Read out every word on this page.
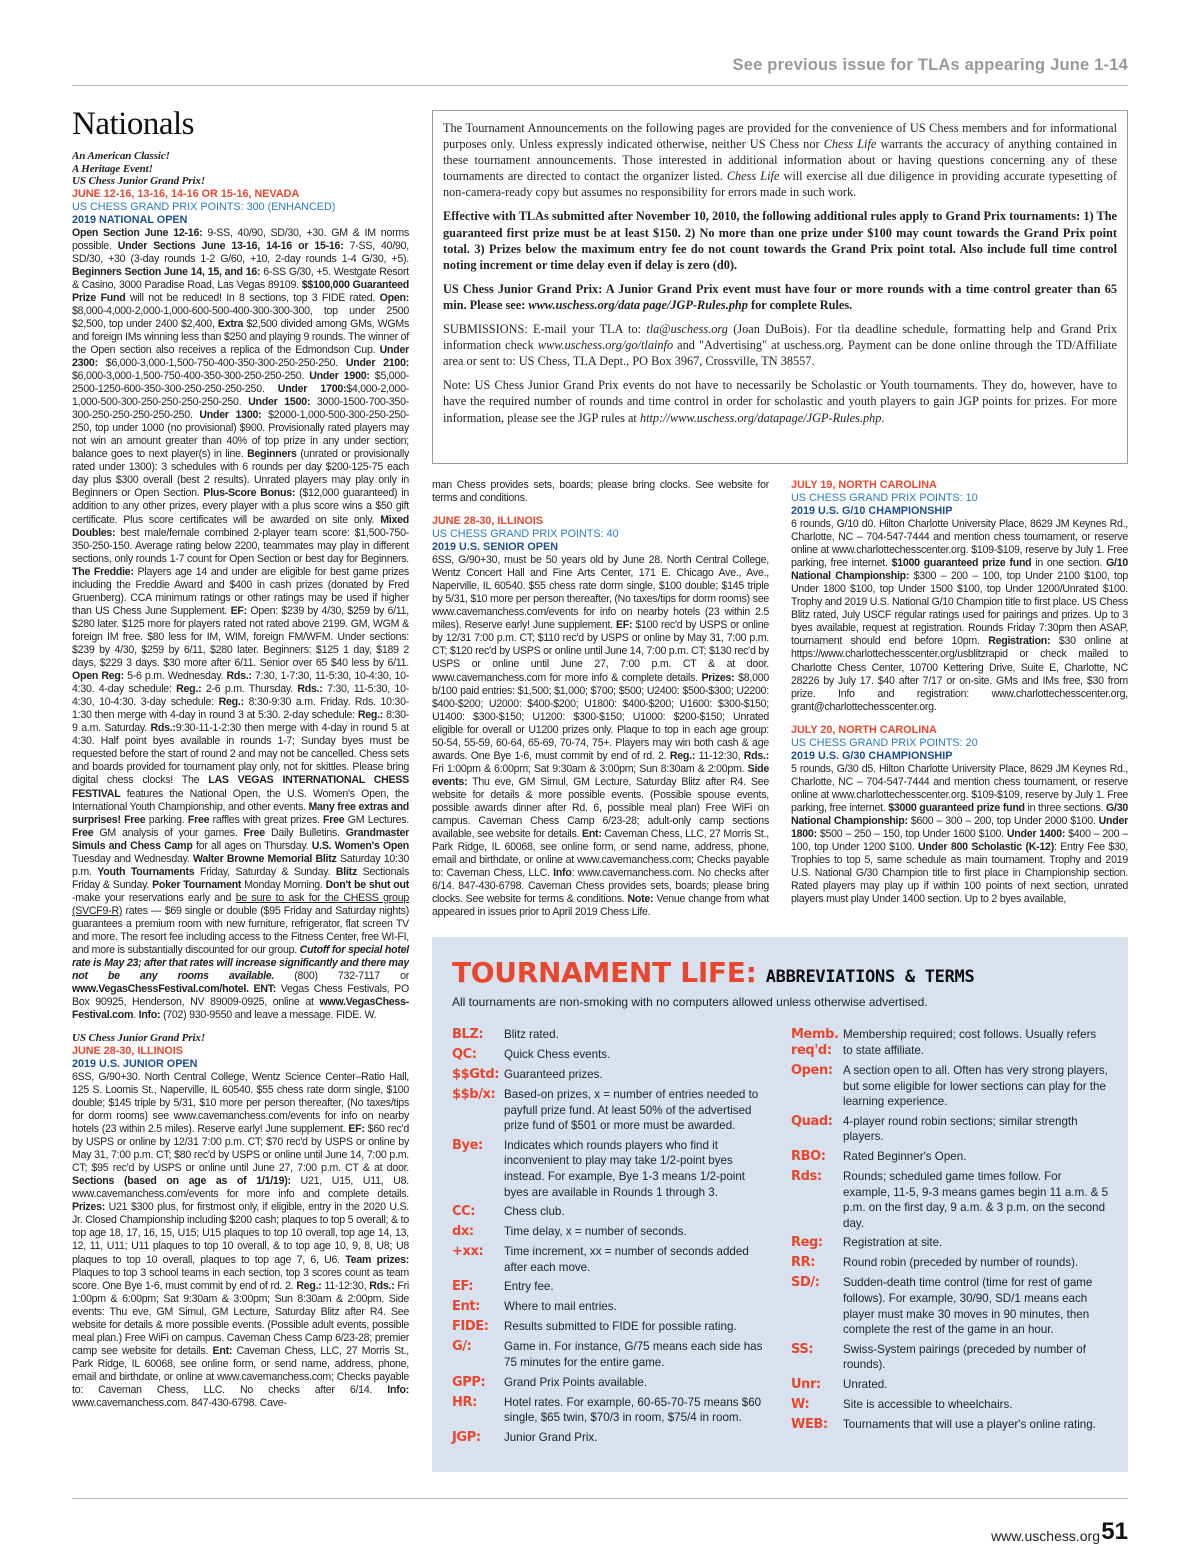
See previous issue for TLAs appearing June 1-14
Nationals
An American Classic!
A Heritage Event!
US Chess Junior Grand Prix!
JUNE 12-16, 13-16, 14-16 OR 15-16, NEVADA
US CHESS GRAND PRIX POINTS: 300 (ENHANCED)
2019 NATIONAL OPEN

Open Section June 12-16: 9-SS, 40/90, SD/30, +30. GM & IM norms possible. Under Sections June 13-16, 14-16 or 15-16: 7-SS, 40/90, SD/30, +30 (3-day rounds 1-2 G/60, +10, 2-day rounds 1-4 G/30, +5). Beginners Section June 14, 15, and 16: 6-SS G/30, +5. Westgate Resort & Casino, 3000 Paradise Road, Las Vegas 89109. $$100,000 Guaranteed Prize Fund will not be reduced! In 8 sections, top 3 FIDE rated. Open: $8,000-4,000-2,000-1,000-600-500-400-300-300-300, top under 2500 $2,500, top under 2400 $2,400, Extra $2,500 divided among GMs, WGMs and foreign IMs winning less than $250 and playing 9 rounds. The winner of the Open section also receives a replica of the Edmondson Cup. Under 2300: $6,000-3,000-1,500-750-400-350-300-250-250-250. Under 2100: $6,000-3,000-1,500-750-400-350-300-250-250-250. Under 1900: $5,000-2500-1250-600-350-300-250-250-250-250. Under 1700:$4,000-2,000-1,000-500-300-250-250-250-250-250. Under 1500: 3000-1500-700-350-300-250-250-250-250-250. Under 1300: $2000-1,000-500-300-250-250-250, top under 1000 (no provisional) $900. Provisionally rated players may not win an amount greater than 40% of top prize in any under section; balance goes to next player(s) in line. Beginners (unrated or provisionally rated under 1300): 3 schedules with 6 rounds per day $200-125-75 each day plus $300 overall (best 2 results). Unrated players may play only in Beginners or Open Section. Plus-Score Bonus: ($12,000 guaranteed) in addition to any other prizes, every player with a plus score wins a $50 gift certificate. Plus score certificates will be awarded on site only. Mixed Doubles: best male/female combined 2-player team score: $1,500-750-350-250-150. Average rating below 2200, teammates may play in different sections, only rounds 1-7 count for Open Section or best day for Beginners. The Freddie: Players age 14 and under are eligible for best game prizes including the Freddie Award and $400 in cash prizes (donated by Fred Gruenberg). CCA minimum ratings or other ratings may be used if higher than US Chess June Supplement. EF: Open: $239 by 4/30, $259 by 6/11, $280 later. $125 more for players rated not rated above 2199. GM, WGM & foreign IM free. $80 less for IM, WIM, foreign FM/WFM. Under sections: $239 by 4/30, $259 by 6/11, $280 later. Beginners: $125 1 day, $189 2 days, $229 3 days. $30 more after 6/11. Senior over 65 $40 less by 6/11. Open Reg: 5-6 p.m. Wednesday. Rds.: 7:30, 1-7:30, 11-5:30, 10-4:30, 10-4:30. 4-day schedule: Reg.: 2-6 p.m. Thursday. Rds.: 7:30, 11-5:30, 10-4:30, 10-4:30. 3-day schedule: Reg.: 8:30-9:30 a.m. Friday. Rds. 10:30-1:30 then merge with 4-day in round 3 at 5:30. 2-day schedule: Reg.: 8:30-9 a.m. Saturday. Rds.:9:30-11-1-2:30 then merge with 4-day in round 5 at 4:30. Half point byes available in rounds 1-7; Sunday byes must be requested before the start of round 2 and may not be cancelled. Chess sets and boards provided for tournament play only, not for skittles. Please bring digital chess clocks! The LAS VEGAS INTERNATIONAL CHESS FESTIVAL features the National Open, the U.S. Women's Open, the International Youth Championship, and other events. Many free extras and surprises! Free parking. Free raffles with great prizes. Free GM Lectures. Free GM analysis of your games. Free Daily Bulletins. Grandmaster Simuls and Chess Camp for all ages on Thursday. U.S. Women's Open Tuesday and Wednesday. Walter Browne Memorial Blitz Saturday 10:30 p.m. Youth Tournaments Friday, Saturday & Sunday. Blitz Sectionals Friday & Sunday. Poker Tournament Monday Morning. Don't be shut out -make your reservations early and be sure to ask for the CHESS group (SVCF9-R) rates — $69 single or double ($95 Friday and Saturday nights) guarantees a premium room with new furniture, refrigerator, flat screen TV and more. The resort fee including access to the Fitness Center, free WI-FI, and more is substantially discounted for our group. Cutoff for special hotel rate is May 23; after that rates will increase significantly and there may not be any rooms available. (800) 732-7117 or www.VegasChessFestival.com/hotel. ENT: Vegas Chess Festivals, PO Box 90925, Henderson, NV 89009-0925, online at www.VegasChess-Festival.com. Info: (702) 930-9550 and leave a message. FIDE. W.

US Chess Junior Grand Prix!
JUNE 28-30, ILLINOIS
2019 U.S. JUNIOR OPEN

6SS, G/90+30. North Central College, Wentz Science Center–Ratio Hall, 125 S. Loomis St., Naperville, IL 60540. $55 chess rate dorm single, $100 double; $145 triple by 5/31, $10 more per person thereafter, (No taxes/tips for dorm rooms) see www.cavemanchess.com/events for info on nearby hotels (23 within 2.5 miles). Reserve early! June supplement. EF: $60 rec'd by USPS or online by 12/31 7:00 p.m. CT; $70 rec'd by USPS or online by May 31, 7:00 p.m. CT; $80 rec'd by USPS or online until June 14, 7:00 p.m. CT; $95 rec'd by USPS or online until June 27, 7:00 p.m. CT & at door. Sections (based on age as of 1/1/19): U21, U15, U11, U8. www.cavemanchess.com/events for more info and complete details. Prizes: U21 $300 plus, for firstmost only, if eligible, entry in the 2020 U.S. Jr. Closed Championship including $200 cash; plaques to top 5 overall; & to top age 18, 17, 16, 15, U15; U15 plaques to top 10 overall, top age 14, 13, 12, 11, U11; U11 plaques to top 10 overall, & to top age 10, 9, 8, U8; U8 plaques to top 10 overall, plaques to top age 7, 6, U6. Team prizes: Plaques to top 3 school teams in each section, top 3 scores count as team score. One Bye 1-6, must commit by end of rd. 2. Reg.: 11-12:30, Rds.: Fri 1:00pm & 6:00pm; Sat 9:30am & 3:00pm; Sun 8:30am & 2:00pm. Side events: Thu eve, GM Simul, GM Lecture, Saturday Blitz after R4. See website for details & more possible events. (Possible adult events, possible meal plan.) Free WiFi on campus. Caveman Chess Camp 6/23-28; premier camp see website for details. Ent: Caveman Chess, LLC, 27 Morris St., Park Ridge, IL 60068, see online form, or send name, address, phone, email and birthdate, or online at www.cavemanchess.com; Checks payable to: Caveman Chess, LLC. No checks after 6/14. Info: www.cavemanchess.com. 847-430-6798. Cave-

The Tournament Announcements on the following pages are provided for the convenience of US Chess members and for informational purposes only. Unless expressly indicated otherwise, neither US Chess nor Chess Life warrants the accuracy of anything contained in these tournament announcements. Those interested in additional information about or having questions concerning any of these tournaments are directed to contact the organizer listed. Chess Life will exercise all due diligence in providing accurate typesetting of non-camera-ready copy but assumes no responsibility for errors made in such work.

Effective with TLAs submitted after November 10, 2010, the following additional rules apply to Grand Prix tournaments: 1) The guaranteed first prize must be at least $150. 2) No more than one prize under $100 may count towards the Grand Prix point total. 3) Prizes below the maximum entry fee do not count towards the Grand Prix point total. Also include full time control noting increment or time delay even if delay is zero (d0).

US Chess Junior Grand Prix: A Junior Grand Prix event must have four or more rounds with a time control greater than 65 min. Please see: www.uschess.org/data page/JGP-Rules.php for complete Rules.

SUBMISSIONS: E-mail your TLA to: tla@uschess.org (Joan DuBois). For tla deadline schedule, formatting help and Grand Prix information check www.uschess.org/go/tlainfo and "Advertising" at uschess.org. Payment can be done online through the TD/Affiliate area or sent to: US Chess, TLA Dept., PO Box 3967, Crossville, TN 38557.

Note: US Chess Junior Grand Prix events do not have to necessarily be Scholastic or Youth tournaments. They do, however, have to have the required number of rounds and time control in order for scholastic and youth players to gain JGP points for prizes. For more information, please see the JGP rules at http://www.uschess.org/datapage/JGP-Rules.php.

man Chess provides sets, boards; please bring clocks. See website for terms and conditions.

JUNE 28-30, ILLINOIS
US CHESS GRAND PRIX POINTS: 40
2019 U.S. SENIOR OPEN

6SS, G/90+30, must be 50 years old by June 28. North Central College, Wentz Concert Hall and Fine Arts Center, 171 E. Chicago Ave., Ave., Naperville, IL 60540. $55 chess rate dorm single, $100 double; $145 triple by 5/31, $10 more per person thereafter, (No taxes/tips for dorm rooms) see www.cavemanchess.com/events for info on nearby hotels (23 within 2.5 miles). Reserve early! June supplement. EF: $100 rec'd by USPS or online by 12/31 7:00 p.m. CT; $110 rec'd by USPS or online by May 31, 7:00 p.m. CT; $120 rec'd by USPS or online until June 14, 7:00 p.m. CT; $130 rec'd by USPS or online until June 27, 7:00 p.m. CT & at door. www.cavemanchess.com for more info & complete details. Prizes: $8,000 b/100 paid entries: $1,500; $1,000; $700; $500; U2400: $500-$300; U2200: $400-$200; U2000: $400-$200; U1800: $400-$200; U1600: $300-$150; U1400: $300-$150; U1200: $300-$150; U1000: $200-$150; Unrated eligible for overall or U1200 prizes only. Plaque to top in each age group: 50-54, 55-59, 60-64, 65-69, 70-74, 75+. Players may win both cash & age awards. One Bye 1-6, must commit by end of rd. 2. Reg.: 11-12:30, Rds.: Fri 1:00pm & 6:00pm; Sat 9:30am & 3:00pm; Sun 8:30am & 2:00pm. Side events: Thu eve, GM Simul, GM Lecture, Saturday Blitz after R4. See website for details & more possible events. (Possible spouse events, possible awards dinner after Rd. 6, possible meal plan) Free WiFi on campus. Caveman Chess Camp 6/23-28; adult-only camp sections available, see website for details. Ent: Caveman Chess, LLC, 27 Morris St., Park Ridge, IL 60068, see online form, or send name, address, phone, email and birthdate, or online at www.cavemanchess.com; Checks payable to: Caveman Chess, LLC. Info: www.cavemanchess.com. No checks after 6/14. 847-430-6798. Caveman Chess provides sets, boards; please bring clocks. See website for terms & conditions. Note: Venue change from what appeared in issues prior to April 2019 Chess Life.

JULY 19, NORTH CAROLINA
US CHESS GRAND PRIX POINTS: 10
2019 U.S. G/10 CHAMPIONSHIP

6 rounds, G/10 d0. Hilton Charlotte University Place, 8629 JM Keynes Rd., Charlotte, NC – 704-547-7444 and mention chess tournament, or reserve online at www.charlottechesscenter.org. $109-$109, reserve by July 1. Free parking, free internet. $1000 guaranteed prize fund in one section. G/10 National Championship: $300 – 200 – 100, top Under 2100 $100, top Under 1800 $100, top Under 1500 $100, top Under 1200/Unrated $100. Trophy and 2019 U.S. National G/10 Champion title to first place. US Chess Blitz rated, July USCF regular ratings used for pairings and prizes. Up to 3 byes available, request at registration. Rounds Friday 7:30pm then ASAP, tournament should end before 10pm. Registration: $30 online at https://www.charlottechesscenter.org/usblitzrapid or check mailed to Charlotte Chess Center, 10700 Kettering Drive, Suite E, Charlotte, NC 28226 by July 17. $40 after 7/17 or on-site. GMs and IMs free, $30 from prize. Info and registration: www.charlottechesscenter.org, grant@charlottechesscenter.org.

JULY 20, NORTH CAROLINA
US CHESS GRAND PRIX POINTS: 20
2019 U.S. G/30 CHAMPIONSHIP

5 rounds, G/30 d5. Hilton Charlotte University Place, 8629 JM Keynes Rd., Charlotte, NC – 704-547-7444 and mention chess tournament, or reserve online at www.charlottechesscenter.org. $109-$109, reserve by July 1. Free parking, free internet. $3000 guaranteed prize fund in three sections. G/30 National Championship: $600 – 300 – 200, top Under 2000 $100. Under 1800: $500 – 250 – 150, top Under 1600 $100. Under 1400: $400 – 200 – 100, top Under 1200 $100. Under 800 Scholastic (K-12): Entry Fee $30, Trophies to top 5, same schedule as main tournament. Trophy and 2019 U.S. National G/30 Champion title to first place in Championship section. Rated players may play up if within 100 points of next section, unrated players must play Under 1400 section. Up to 2 byes available,

TOURNAMENT LIFE: ABBREVIATIONS & TERMS
All tournaments are non-smoking with no computers allowed unless otherwise advertised.
BLZ:	Blitz rated.
QC:	Quick Chess events.
$$Gtd: Guaranteed prizes.
$$b/x: Based-on prizes, x = number of entries needed to payfull prize fund. At least 50% of the advertised prize fund of $501 or more must be awarded.
Bye:	Indicates which rounds players who find it inconvenient to play may take 1/2-point byes instead. For example, Bye 1-3 means 1/2-point byes are available in Rounds 1 through 3.
CC:	Chess club.
dx:	Time delay, x = number of seconds.
+xx:	Time increment, xx = number of seconds added after each move.
EF:	Entry fee.
Ent:	Where to mail entries.
FIDE:	Results submitted to FIDE for possible rating.
G/:	Game in. For instance, G/75 means each side has 75 minutes for the entire game.
GPP:	Grand Prix Points available.
HR:	Hotel rates. For example, 60-65-70-75 means $60 single, $65 twin, $70/3 in room, $75/4 in room.
JGP:	Junior Grand Prix.
Memb. req'd:
Membership required; cost follows. Usually refers to state affiliate.
Open: A section open to all. Often has very strong players, but some eligible for lower sections can play for the learning experience.
Quad: 4-player round robin sections; similar strength players.
RBO:	Rated Beginner's Open.
Rds:	Rounds; scheduled game times follow. For example, 11-5, 9-3 means games begin 11 a.m. & 5 p.m. on the first day, 9 a.m. & 3 p.m. on the second day.
Reg:	Registration at site.
RR:	Round robin (preceded by number of rounds).
SD/:	Sudden-death time control (time for rest of game follows). For example, 30/90, SD/1 means each player must make 30 moves in 90 minutes, then complete the rest of the game in an hour.
SS:	Swiss-System pairings (preceded by number of rounds).
Unr:	Unrated.
W:	Site is accessible to wheelchairs.
WEB:	Tournaments that will use a player's online rating.
www.uschess.org 51
